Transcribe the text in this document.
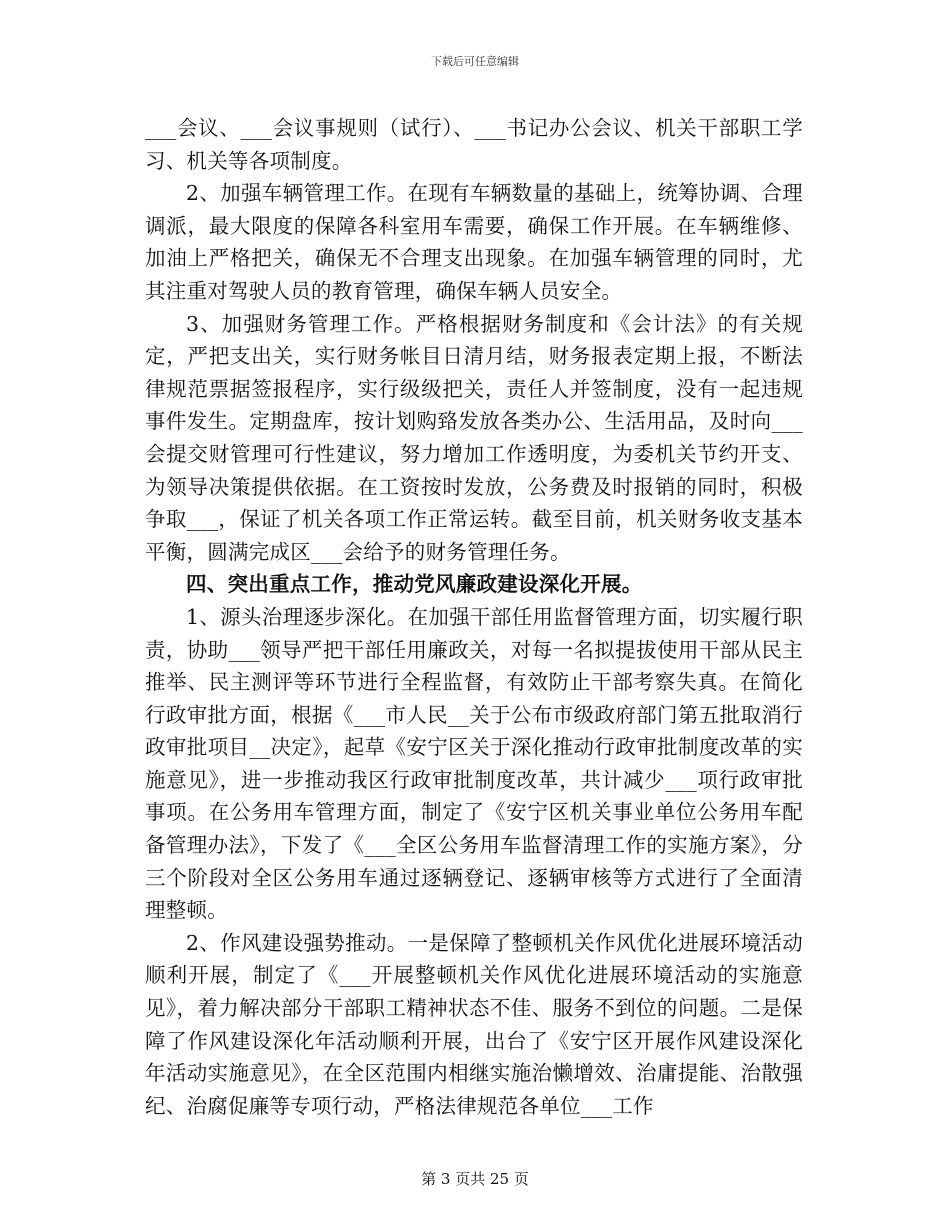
下载后可任意编辑

___会议、___会议事规则（试行）、___书记办公会议、机关干部职工学习、机关等各项制度。

2、加强车辆管理工作。在现有车辆数量的基础上，统筹协调、合理调派，最大限度的保障各科室用车需要，确保工作开展。在车辆维修、加油上严格把关，确保无不合理支出现象。在加强车辆管理的同时，尤其注重对驾驶人员的教育管理，确保车辆人员安全。

3、加强财务管理工作。严格根据财务制度和《会计法》的有关规定，严把支出关，实行财务帐目日清月结，财务报表定期上报，不断法律规范票据签报程序，实行级级把关，责任人并签制度，没有一起违规事件发生。定期盘库，按计划购臵发放各类办公、生活用品，及时向___会提交财管理可行性建议，努力增加工作透明度，为委机关节约开支、为领导决策提供依据。在工资按时发放，公务费及时报销的同时，积极争取___，保证了机关各项工作正常运转。截至目前，机关财务收支基本平衡，圆满完成区___会给予的财务管理任务。

四、突出重点工作，推动党风廉政建设深化开展。

1、源头治理逐步深化。在加强干部任用监督管理方面，切实履行职责，协助___领导严把干部任用廉政关，对每一名拟提拔使用干部从民主推举、民主测评等环节进行全程监督，有效防止干部考察失真。在简化行政审批方面，根据《___市人民__关于公布市级政府部门第五批取消行政审批项目__决定》，起草《安宁区关于深化推动行政审批制度改革的实施意见》，进一步推动我区行政审批制度改革，共计减少___项行政审批事项。在公务用车管理方面，制定了《安宁区机关事业单位公务用车配备管理办法》，下发了《___全区公务用车监督清理工作的实施方案》，分三个阶段对全区公务用车通过逐辆登记、逐辆审核等方式进行了全面清理整顿。

2、作风建设强势推动。一是保障了整顿机关作风优化进展环境活动顺利开展，制定了《___开展整顿机关作风优化进展环境活动的实施意见》，着力解决部分干部职工精神状态不佳、服务不到位的问题。二是保障了作风建设深化年活动顺利开展，出台了《安宁区开展作风建设深化年活动实施意见》，在全区范围内相继实施治懒增效、治庸提能、治散强纪、治腐促廉等专项行动，严格法律规范各单位___工作

第 3 页共 25 页
